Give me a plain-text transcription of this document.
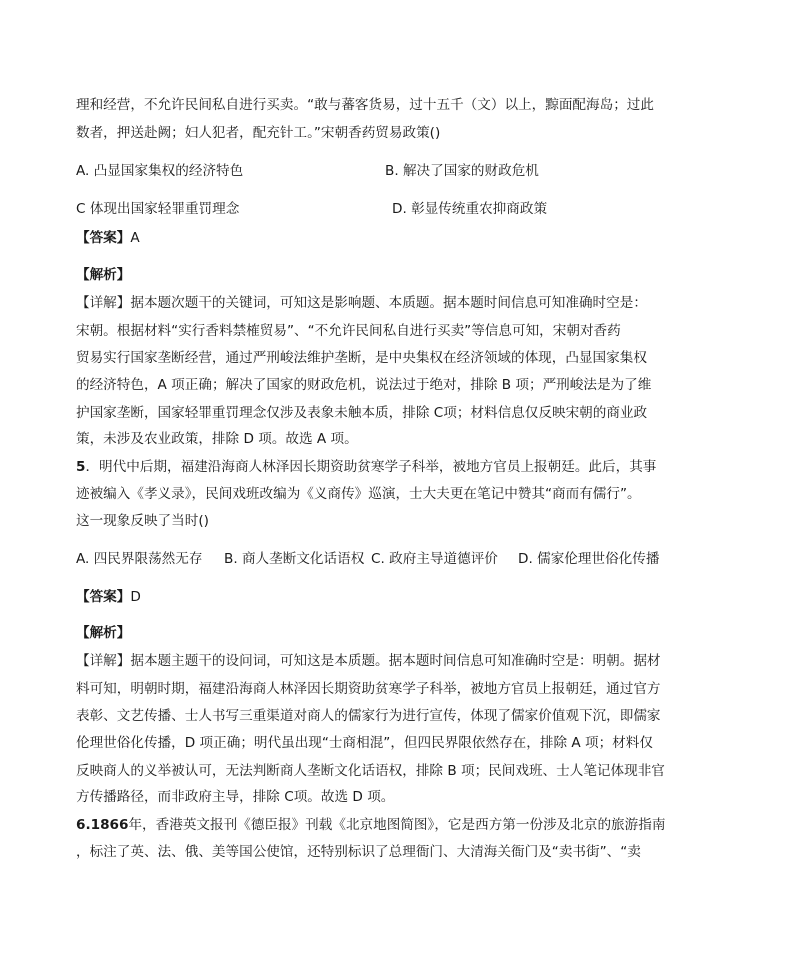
理和经营，不允许民间私自进行买卖。“敢与蕃客货易，过十五千（文）以上，黥面配海岛；过此
数者，押送赴阙；妇人犯者，配充针工。”宋朝香药贸易政策()
A. 凸显国家集权的经济特色	B. 解决了国家的财政危机
C 体现出国家轻罪重罚理念	D. 彰显传统重农抑商政策
【答案】A
【解析】
【详解】据本题次题干的关键词，可知这是影响题、本质题。据本题时间信息可知准确时空是：
宋朝。根据材料“实行香料禁榷贸易”、“不允许民间私自进行买卖”等信息可知，宋朝对香药
贸易实行国家垄断经营，通过严刑峻法维护垄断，是中央集权在经济领域的体现，凸显国家集权
的经济特色，A 项正确；解决了国家的财政危机，说法过于绝对，排除 B 项；严刑峻法是为了维
护国家垄断，国家轻罪重罚理念仅涉及表象未触本质，排除 C项；材料信息仅反映宋朝的商业政
策，未涉及农业政策，排除 D 项。故选 A 项。
5．明代中后期，福建沿海商人林泽因长期资助贫寒学子科举，被地方官员上报朝廷。此后，其事
迹被编入《孝义录》，民间戏班改编为《义商传》巡演，士大夫更在笔记中赞其“商而有儒行”。
这一现象反映了当时()
A. 四民界限荡然无存 B. 商人垄断文化话语权 C. 政府主导道德评价 D. 儒家伦理世俗化传播
【答案】D
【解析】
【详解】据本题主题干的设问词，可知这是本质题。据本题时间信息可知准确时空是：明朝。据材
料可知，明朝时期，福建沿海商人林泽因长期资助贫寒学子科举，被地方官员上报朝廷，通过官方
表彰、文艺传播、士人书写三重渠道对商人的儒家行为进行宣传，体现了儒家价值观下沉，即儒家
伦理世俗化传播，D 项正确；明代虽出现“士商相混”，但四民界限依然存在，排除 A 项；材料仅
反映商人的义举被认可，无法判断商人垄断文化话语权，排除 B 项；民间戏班、士人笔记体现非官
方传播路径，而非政府主导，排除 C项。故选 D 项。
6.1866年，香港英文报刊《德臣报》刊载《北京地图简图》，它是西方第一份涉及北京的旅游指南
，标注了英、法、俄、美等国公使馆，还特别标识了总理衙门、大清海关衙门及“卖书街”、“卖
